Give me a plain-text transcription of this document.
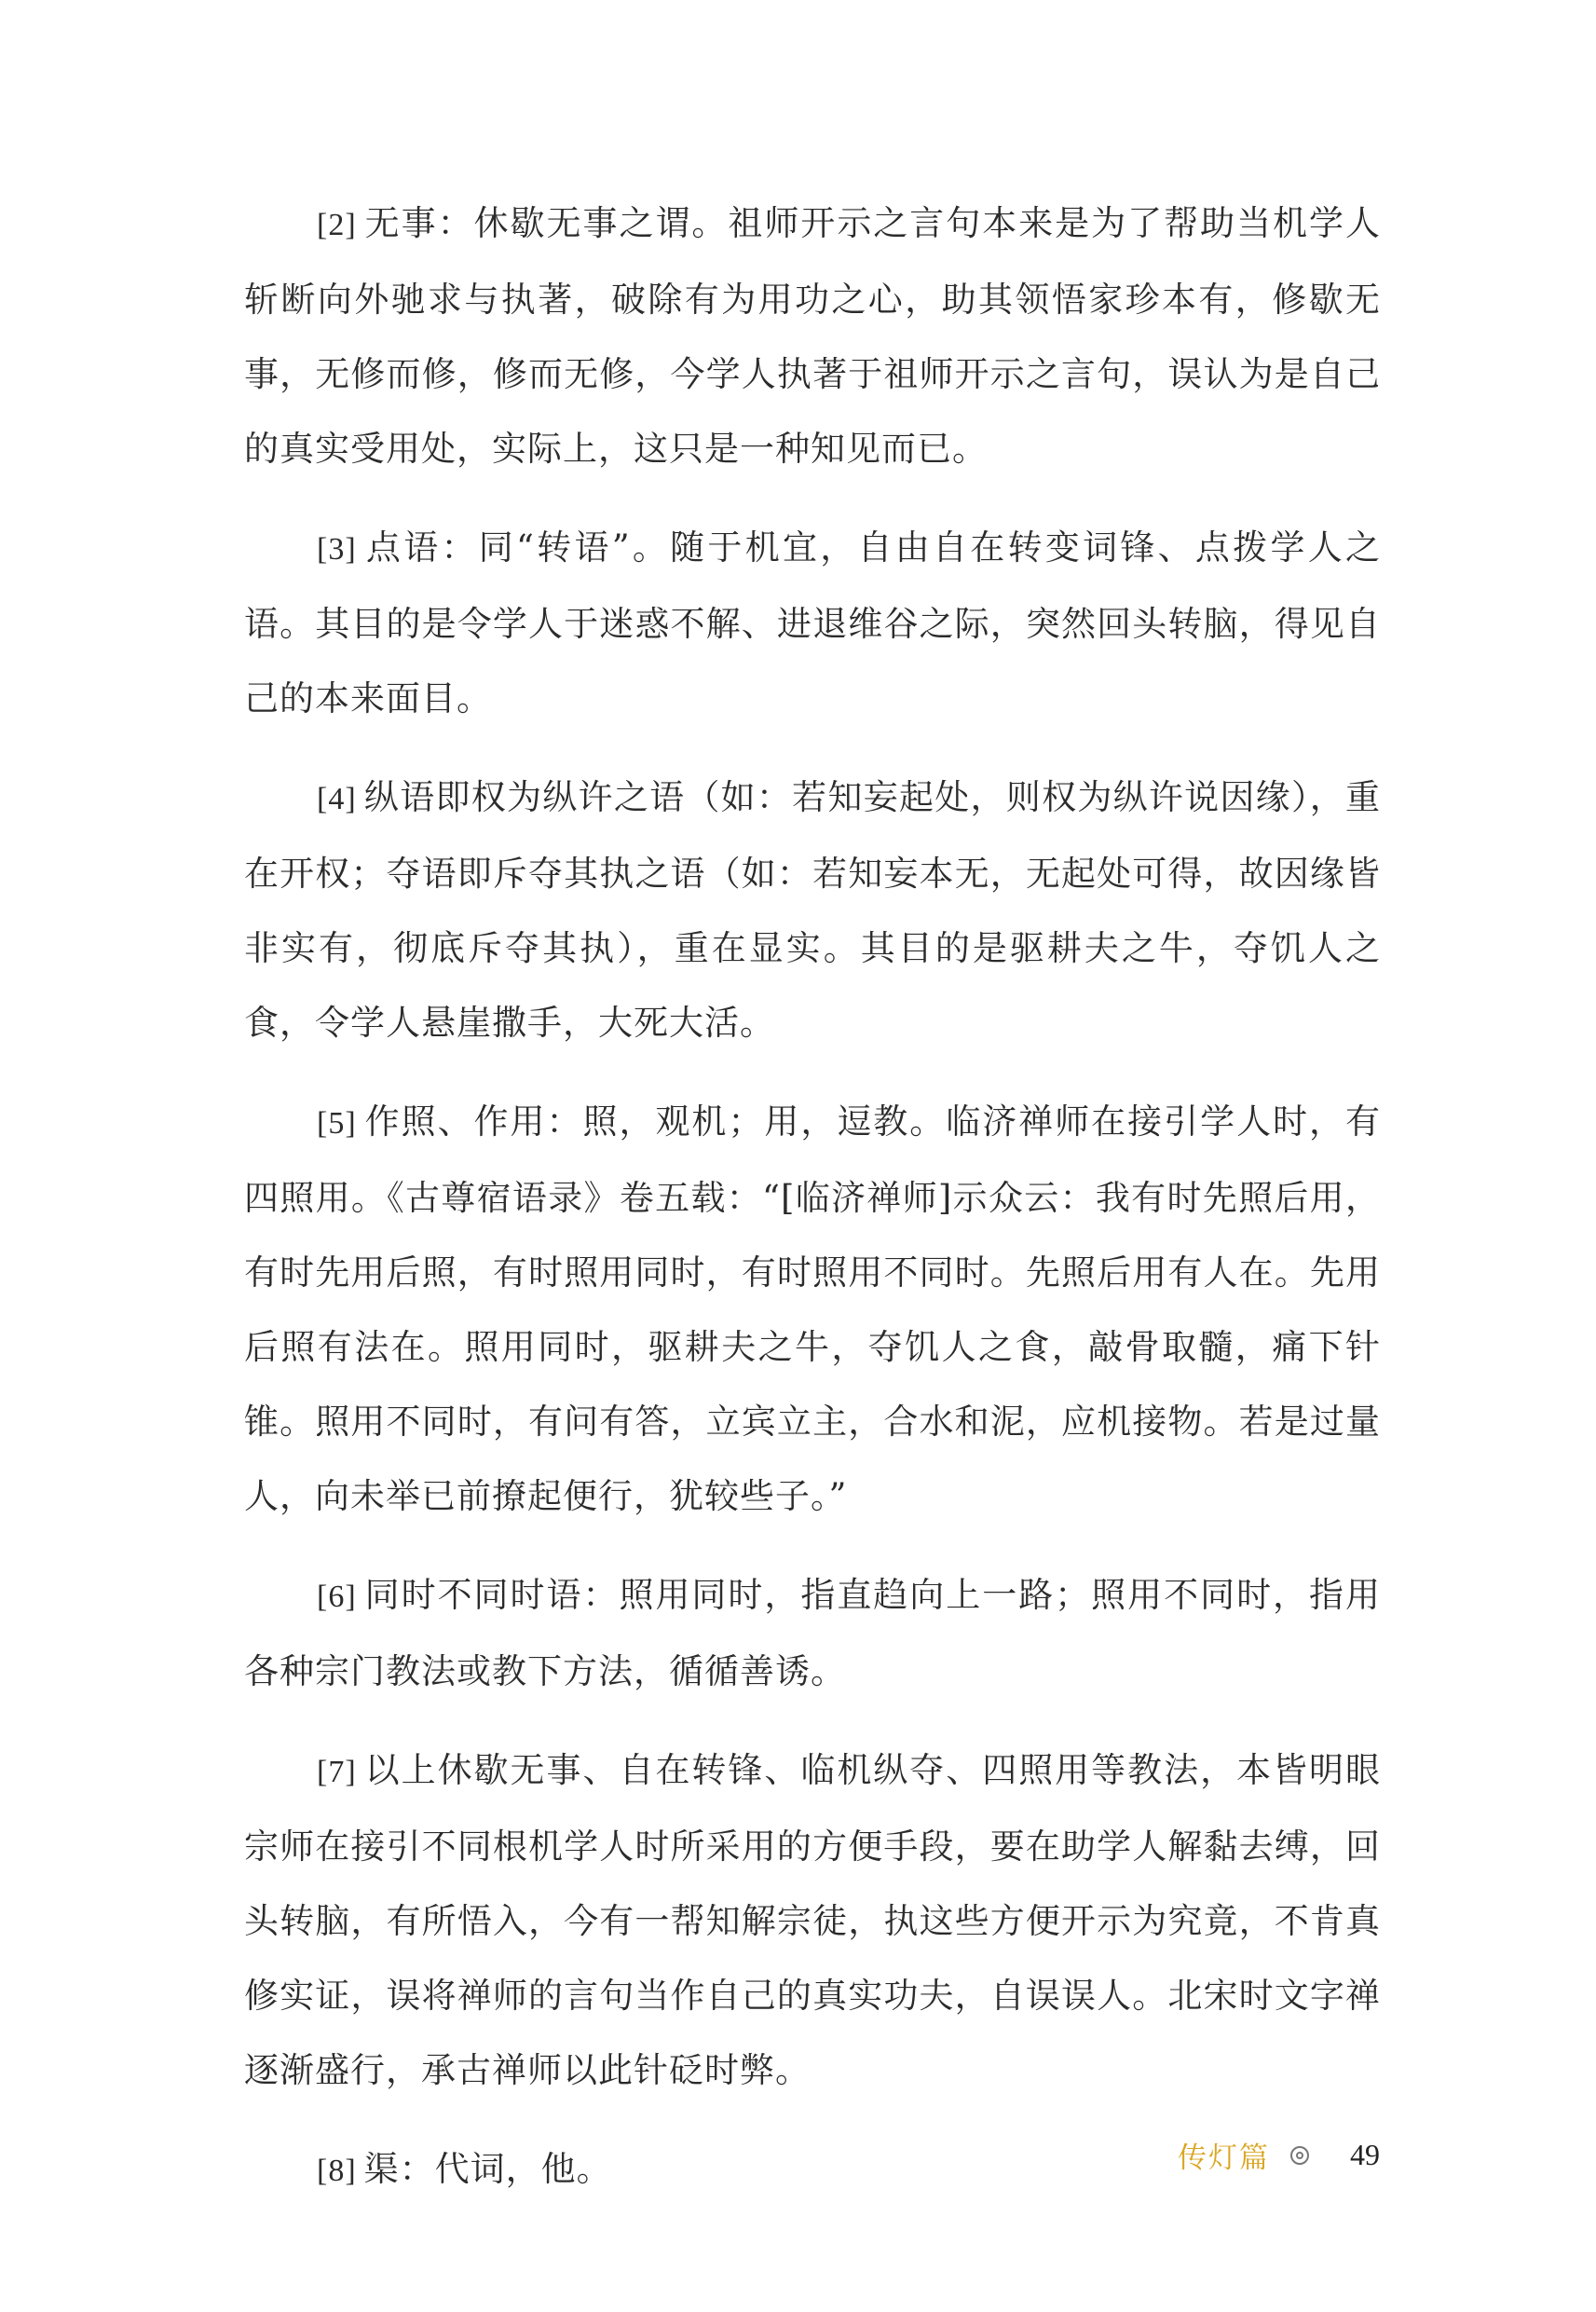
[2] 无事：休歇无事之谓。祖师开示之言句本来是为了帮助当机学人斩断向外驰求与执著，破除有为用功之心，助其领悟家珍本有，修歇无事，无修而修，修而无修，今学人执著于祖师开示之言句，误认为是自己的真实受用处，实际上，这只是一种知见而已。

[3] 点语：同“转语”。随于机宜，自由自在转变词锋、点拨学人之语。其目的是令学人于迷惑不解、进退维谷之际，突然回头转脑，得见自己的本来面目。

[4] 纵语即权为纵许之语（如：若知妄起处，则权为纵许说因缘），重在开权；夺语即斥夺其执之语（如：若知妄本无，无起处可得，故因缘皆非实有，彻底斥夺其执），重在显实。其目的是驱耕夫之牛，夺饥人之食，令学人悬崖撒手，大死大活。

[5] 作照、作用：照，观机；用，逗教。临济禅师在接引学人时，有四照用。《古尊宿语录》卷五载：“[临济禅师]示众云：我有时先照后用，有时先用后照，有时照用同时，有时照用不同时。先照后用有人在。先用后照有法在。照用同时，驱耕夫之牛，夺饥人之食，敲骨取髓，痛下针锥。照用不同时，有问有答，立宾立主，合水和泥，应机接物。若是过量人，向未举已前撩起便行，犹较些子。”

[6] 同时不同时语：照用同时，指直趋向上一路；照用不同时，指用各种宗门教法或教下方法，循循善诱。

[7] 以上休歇无事、自在转锋、临机纵夺、四照用等教法，本皆明眼宗师在接引不同根机学人时所采用的方便手段，要在助学人解黏去缚，回头转脑，有所悟入，今有一帮知解宗徒，执这些方便开示为究竟，不肯真修实证，误将禅师的言句当作自己的真实功夫，自误误人。北宋时文字禅逐渐盛行，承古禅师以此针砭时弊。

[8] 渠：代词，他。	传灯篇	49
